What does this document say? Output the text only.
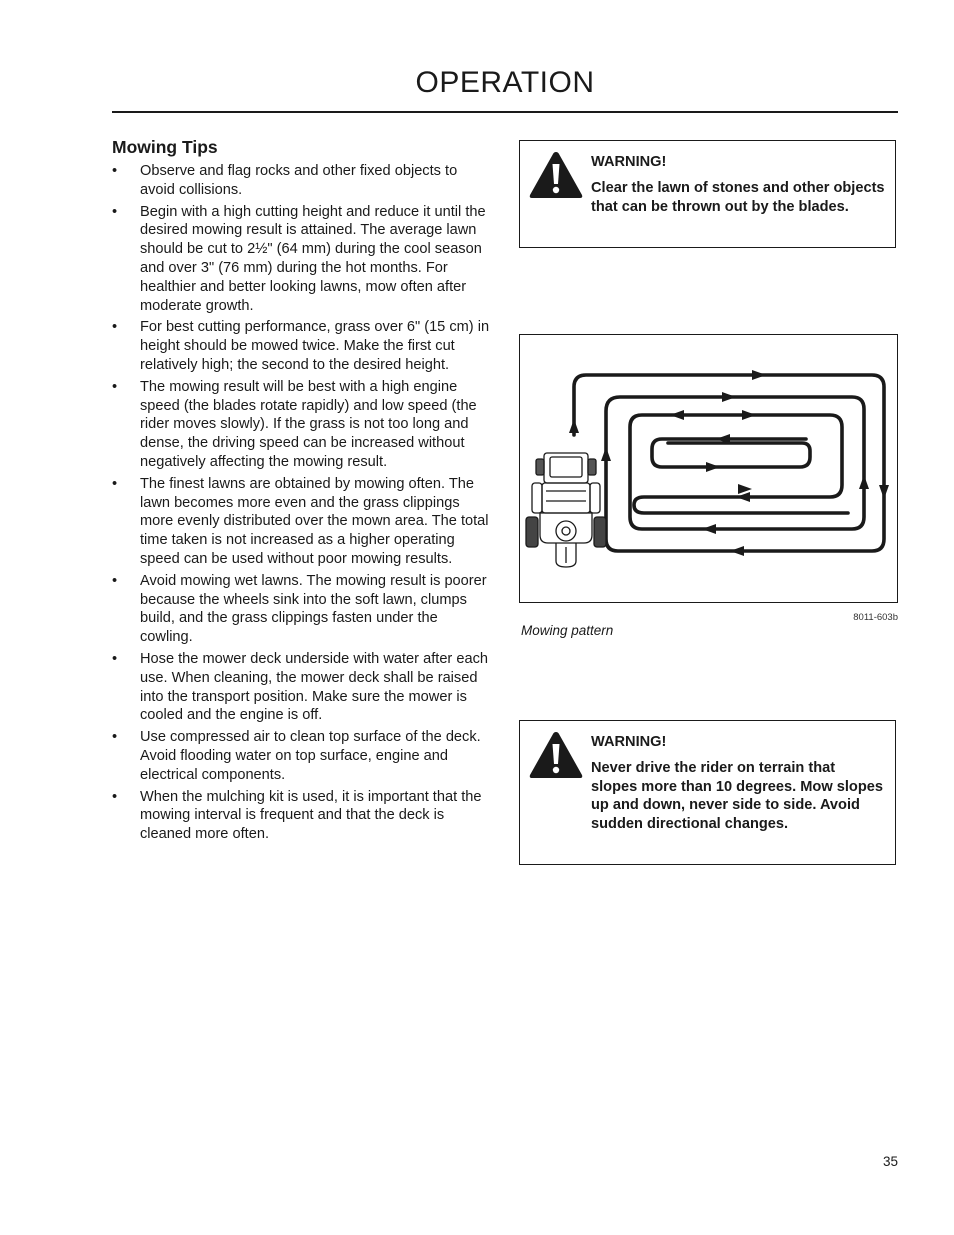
OPERATION
Mowing Tips
• Observe and flag rocks and other fixed objects to avoid collisions.
• Begin with a high cutting height and reduce it until the desired mowing result is attained. The average lawn should be cut to 2½" (64 mm) during the cool season and over 3" (76 mm) during the hot months. For healthier and better looking lawns, mow often after moderate growth.
• For best cutting performance, grass over 6" (15 cm) in height should be mowed twice. Make the first cut relatively high; the second to the desired height.
• The mowing result will be best with a high engine speed (the blades rotate rapidly) and low speed (the rider moves slowly). If the grass is not too long and dense, the driving speed can be increased without negatively affecting the mowing result.
• The finest lawns are obtained by mowing often. The lawn becomes more even and the grass clippings more evenly distributed over the mown area. The total time taken is not increased as a higher operating speed can be used without poor mowing results.
• Avoid mowing wet lawns. The mowing result is poorer because the wheels sink into the soft lawn, clumps build, and the grass clippings fasten under the cowling.
• Hose the mower deck underside with water after each use. When cleaning, the mower deck shall be raised into the transport position. Make sure the mower is cooled and the engine is off.
• Use compressed air to clean top surface of the deck. Avoid flooding water on top surface, engine and electrical components.
• When the mulching kit is used, it is important that the mowing interval is frequent and that the deck is cleaned more often.
WARNING!
Clear the lawn of stones and other objects that can be thrown out by the blades.
8011-603b
Mowing pattern
WARNING!
Never drive the rider on terrain that slopes more than 10 degrees. Mow slopes up and down, never side to side. Avoid sudden directional changes.
35
